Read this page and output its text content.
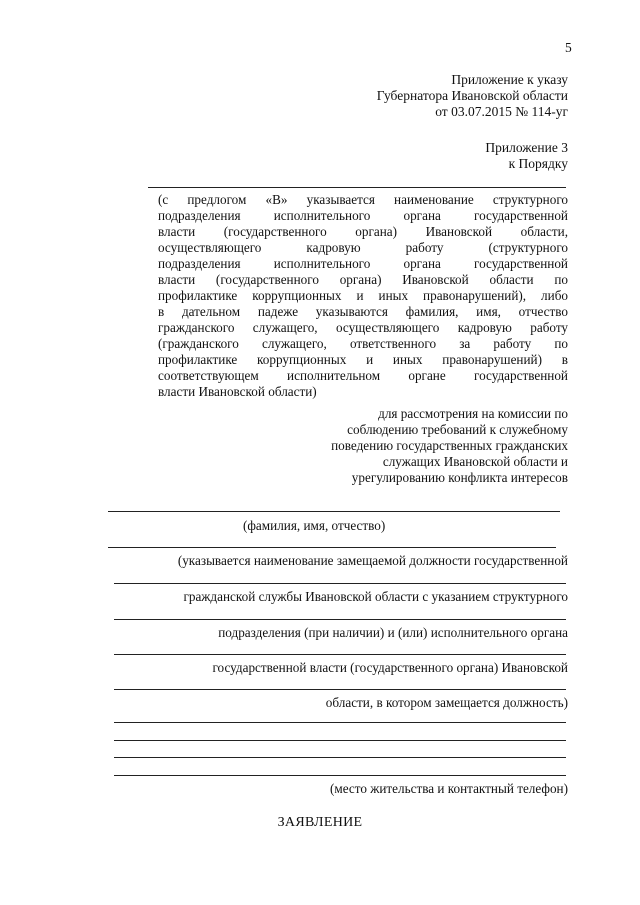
5
Приложение к указу
Губернатора Ивановской области
от 03.07.2015 № 114-уг
Приложение 3
к Порядку
(с предлогом «В» указывается наименование структурного
подразделения исполнительного органа государственной
власти (государственного органа) Ивановской области,
осуществляющего кадровую работу (структурного
подразделения исполнительного органа государственной
власти (государственного органа) Ивановской области по
профилактике коррупционных и иных правонарушений), либо
в дательном падеже указываются фамилия, имя, отчество
гражданского служащего, осуществляющего кадровую работу
(гражданского служащего, ответственного за работу по
профилактике коррупционных и иных правонарушений) в
соответствующем исполнительном органе государственной
власти Ивановской области)
для рассмотрения на комиссии по
соблюдению требований к служебному
поведению государственных гражданских
служащих Ивановской области и
урегулированию конфликта интересов
(фамилия, имя, отчество)
(указывается наименование замещаемой должности государственной
гражданской службы Ивановской области с указанием структурного
подразделения (при наличии) и (или) исполнительного органа
государственной власти (государственного органа) Ивановской
области, в котором замещается должность)
(место жительства и контактный телефон)
ЗАЯВЛЕНИЕ
